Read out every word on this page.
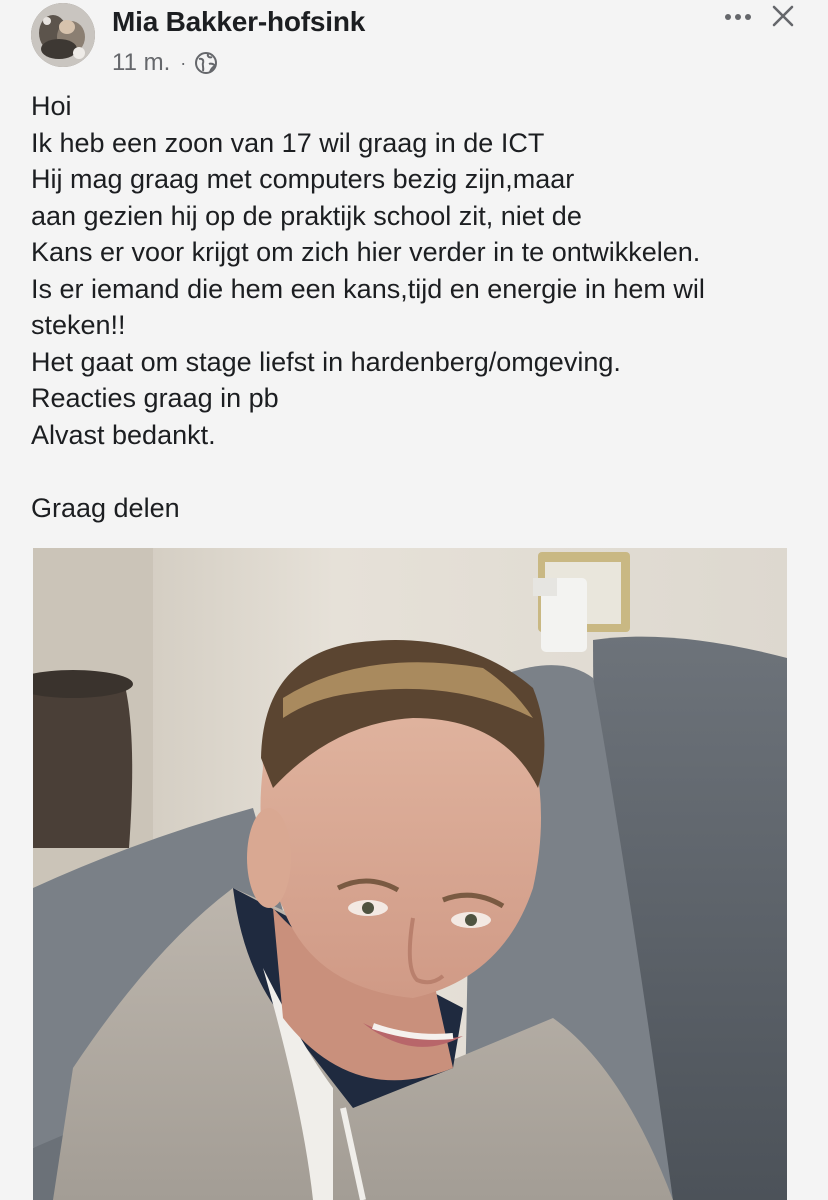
Mia Bakker-hofsink
11 m. ·
Hoi
Ik heb een zoon van 17 wil graag in de ICT
Hij mag graag met computers bezig zijn,maar
aan gezien hij op de praktijk school zit, niet de
Kans er voor krijgt om zich hier verder in te ontwikkelen.
Is er iemand die hem een kans,tijd en energie in hem wil
steken!!
Het gaat om stage liefst in hardenberg/omgeving.
Reacties graag in pb
Alvast bedankt.
Graag delen
